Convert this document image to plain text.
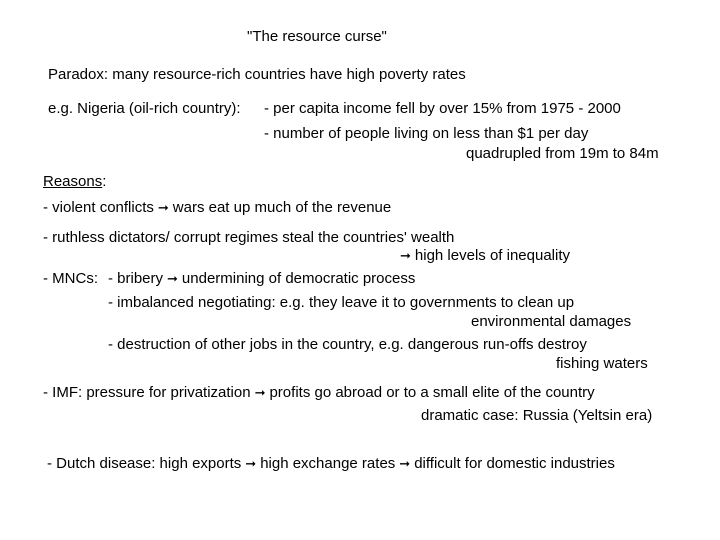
"The resource curse"
Paradox: many resource-rich countries have high poverty rates
e.g. Nigeria (oil-rich country): - per capita income fell by over 15% from 1975 - 2000
- number of people living on less than $1 per day
quadrupled from 19m to 84m
Reasons:
- violent conflicts ➞ wars eat up much of the revenue
- ruthless dictators/ corrupt regimes steal the countries' wealth
➞ high levels of inequality
- MNCs: - bribery ➞ undermining of democratic process
- imbalanced negotiating: e.g. they leave it to governments to clean up
environmental damages
- destruction of other jobs in the country, e.g. dangerous run-offs destroy
fishing waters
- IMF: pressure for privatization ➞ profits go abroad or to a small elite of the country
dramatic case: Russia (Yeltsin era)
- Dutch disease: high exports ➞ high exchange rates ➞ difficult for domestic industries
